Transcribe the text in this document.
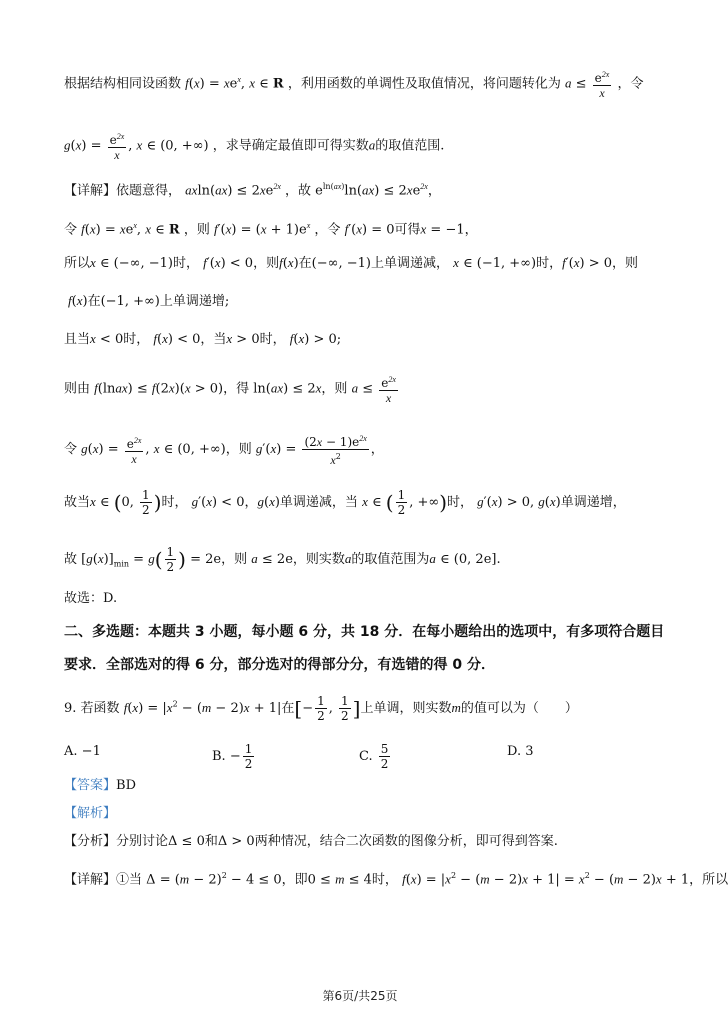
根据结构相同设函数 $f(x) = xe^x$, x ∈ R ，利用函数的单调性及取值情况，将问题转化为 $a \le \frac{e^{2x}}{x}$ ，令
$g(x) = \frac{e^{2x}}{x}$ , x ∈ (0, +∞) ，求导确定最值即可得实数a的取值范围.
【详解】依题意得， $axln(ax) \le 2xe^{2x}$ ，故 $e^{ln(ax)}\ln(ax) \le 2xe^{2x}$，
令 $f(x) = xe^x$, x ∈ R ，则 $f'(x) = (x + 1)e^x$ ，令 f′(x) = 0可得x = −1，
所以x ∈ (−∞, −1)时， f′(x) < 0，则f(x)在(−∞, −1)上单调递减， x ∈ (−1, +∞)时，f′(x) > 0，则
f(x)在(−1, +∞)上单调递增;
且当x < 0时， f(x) < 0，当x > 0时， f(x) > 0;
则由 f(lnax) ≤ f(2x)(x > 0)，得 ln(ax) ≤ 2x，则 $a \le \frac{e^{2x}}{x}$
令 $g(x) = \frac{e^{2x}}{x}$ , x ∈ (0, +∞)，则 $g'(x) = \frac{(2x - 1)e^{2x}}{x^2}$ ，
故当x ∈ (0, $\frac{1}{2}$ )时， g′(x) < 0，g(x)单调递减，当 x ∈ ( $\frac{1}{2}$ , +∞)时， g′(x) > 0, g(x)单调递增，
故 $[g(x)]_{min} = g( \frac{1}{2}$ ) = 2e，则 a ≤ 2e，则实数a的取值范围为a ∈ (0, 2e].
故选：D.
二、多选题：本题共 3 小题，每小题 6 分，共 18 分．在每小题给出的选项中，有多项符合题目
要求．全部选对的得 6 分，部分选对的得部分分，有选错的得 0 分．
9. 若函数 $f(x) = |x^2 - (m - 2)x + 1|$在[− $\frac{1}{2}$ , $\frac{1}{2}$ ]上单调，则实数m的值可以为（　　）
A. −1	B. − $\frac{1}{2}$	C. $\frac{5}{2}$	D. 3
【答案】BD
【解析】
【分析】分别讨论Δ ≤ 0和Δ > 0两种情况，结合二次函数的图像分析，即可得到答案.
【详解】①当 $\Delta = (m - 2)^2 - 4 \le 0$，即0 ≤ m ≤ 4时， $f(x) = |x^2 - (m - 2)x + 1| = x^2 - (m - 2)x + 1$，所以
第6页/共25页
